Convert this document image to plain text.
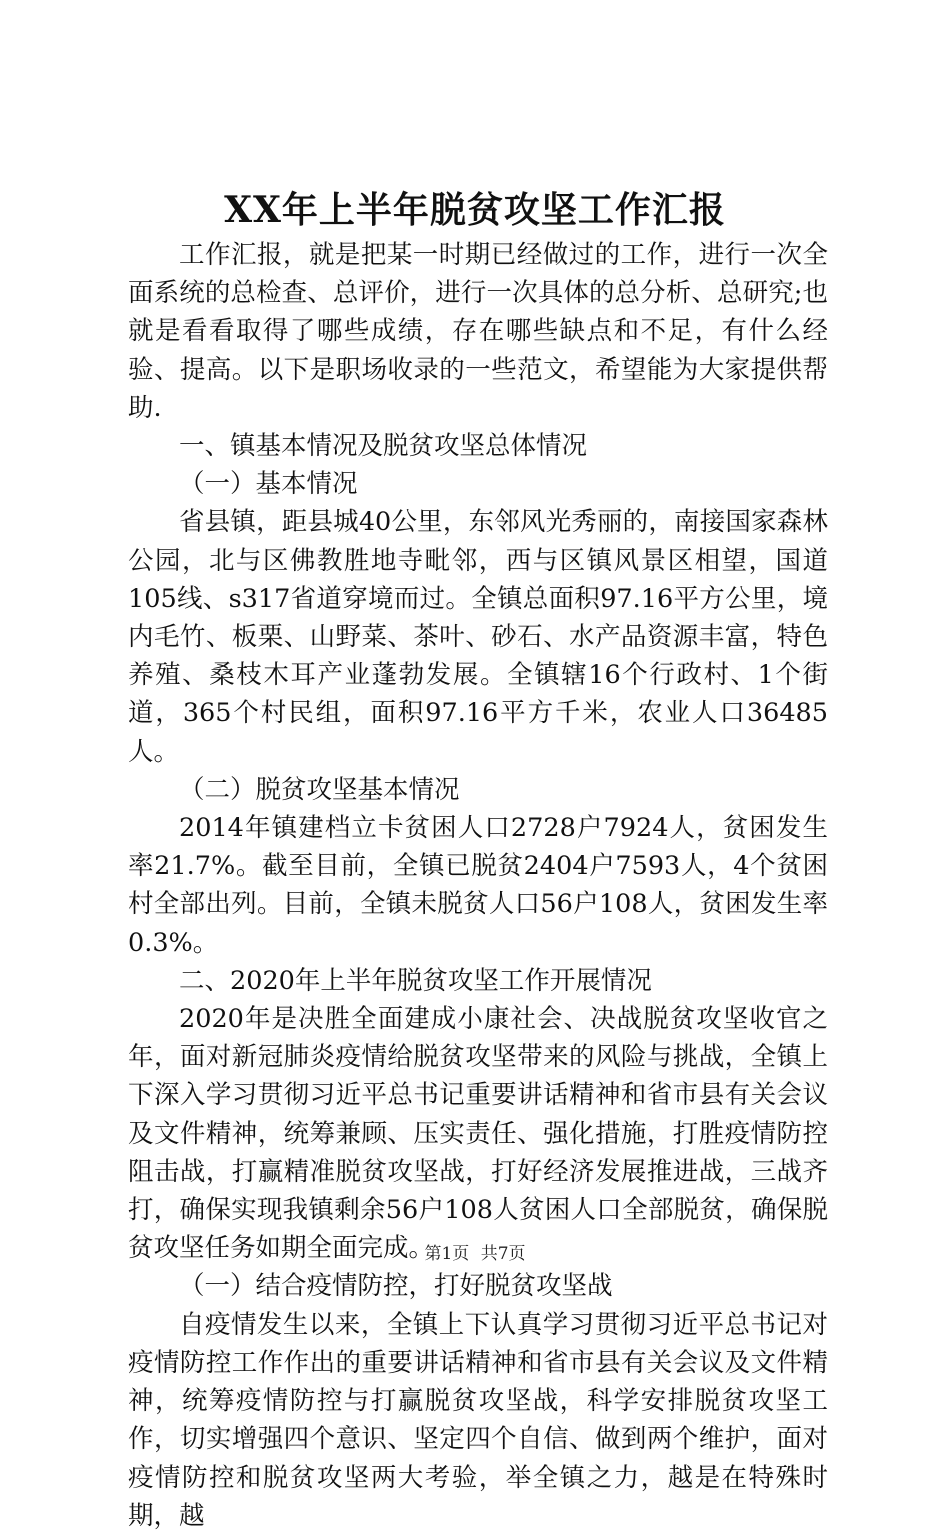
XX年上半年脱贫攻坚工作汇报

工作汇报，就是把某一时期已经做过的工作，进行一次全面系统的总检查、总评价，进行一次具体的总分析、总研究;也就是看看取得了哪些成绩，存在哪些缺点和不足，有什么经验、提高。以下是职场收录的一些范文，希望能为大家提供帮助.

一、镇基本情况及脱贫攻坚总体情况

（一）基本情况

省县镇，距县城40公里，东邻风光秀丽的，南接国家森林公园，北与区佛教胜地寺毗邻，西与区镇风景区相望，国道105线、s317省道穿境而过。全镇总面积97.16平方公里，境内毛竹、板栗、山野菜、茶叶、砂石、水产品资源丰富，特色养殖、桑枝木耳产业蓬勃发展。全镇辖16个行政村、1个街道，365个村民组，面积97.16平方千米，农业人口36485人。

（二）脱贫攻坚基本情况

2014年镇建档立卡贫困人口2728户7924人，贫困发生率21.7%。截至目前，全镇已脱贫2404户7593人，4个贫困村全部出列。目前，全镇未脱贫人口56户108人，贫困发生率0.3%。

二、2020年上半年脱贫攻坚工作开展情况

2020年是决胜全面建成小康社会、决战脱贫攻坚收官之年，面对新冠肺炎疫情给脱贫攻坚带来的风险与挑战，全镇上下深入学习贯彻习近平总书记重要讲话精神和省市县有关会议及文件精神，统筹兼顾、压实责任、强化措施，打胜疫情防控阻击战，打赢精准脱贫攻坚战，打好经济发展推进战，三战齐打，确保实现我镇剩余56户108人贫困人口全部脱贫，确保脱贫攻坚任务如期全面完成。

（一）结合疫情防控，打好脱贫攻坚战

自疫情发生以来，全镇上下认真学习贯彻习近平总书记对疫情防控工作作出的重要讲话精神和省市县有关会议及文件精神，统筹疫情防控与打赢脱贫攻坚战，科学安排脱贫攻坚工作，切实增强四个意识、坚定四个自信、做到两个维护，面对疫情防控和脱贫攻坚两大考验，举全镇之力，越是在特殊时期，越

第1页 共7页
